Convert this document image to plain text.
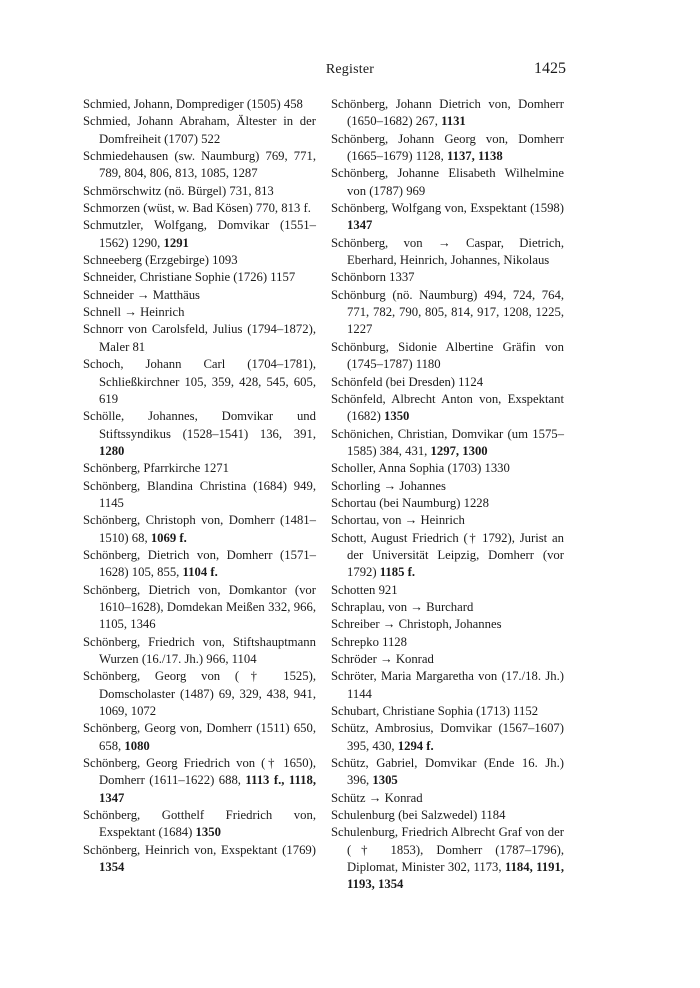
Register	1425

Schmied, Johann, Domprediger (1505) 458

Schmied, Johann Abraham, Ältester in der Domfreiheit (1707) 522

Schmiedehausen (sw. Naumburg) 769, 771, 789, 804, 806, 813, 1085, 1287

Schmörschwitz (nö. Bürgel) 731, 813

Schmorzen (wüst, w. Bad Kösen) 770, 813 f.

Schmutzler, Wolfgang, Domvikar (1551–1562) 1290, 1291

Schneeberg (Erzgebirge) 1093

Schneider, Christiane Sophie (1726) 1157

Schneider → Matthäus

Schnell → Heinrich

Schnorr von Carolsfeld, Julius (1794–1872), Maler 81

Schoch, Johann Carl (1704–1781), Schließkirchner 105, 359, 428, 545, 605, 619

Schölle, Johannes, Domvikar und Stiftssyndikus (1528–1541) 136, 391, 1280

Schönberg, Pfarrkirche 1271

Schönberg, Blandina Christina (1684) 949, 1145

Schönberg, Christoph von, Domherr (1481–1510) 68, 1069 f.

Schönberg, Dietrich von, Domherr (1571–1628) 105, 855, 1104 f.

Schönberg, Dietrich von, Domkantor (vor 1610–1628), Domdekan Meißen 332, 966, 1105, 1346

Schönberg, Friedrich von, Stiftshauptmann Wurzen (16./17. Jh.) 966, 1104

Schönberg, Georg von († 1525), Domscholaster (1487) 69, 329, 438, 941, 1069, 1072

Schönberg, Georg von, Domherr (1511) 650, 658, 1080

Schönberg, Georg Friedrich von († 1650), Domherr (1611–1622) 688, 1113 f., 1118, 1347

Schönberg, Gotthelf Friedrich von, Exspektant (1684) 1350

Schönberg, Heinrich von, Exspektant (1769) 1354

Schönberg, Johann Dietrich von, Domherr (1650–1682) 267, 1131

Schönberg, Johann Georg von, Domherr (1665–1679) 1128, 1137, 1138

Schönberg, Johanne Elisabeth Wilhelmine von (1787) 969

Schönberg, Wolfgang von, Exspektant (1598) 1347

Schönberg, von → Caspar, Dietrich, Eberhard, Heinrich, Johannes, Nikolaus

Schönborn 1337

Schönburg (nö. Naumburg) 494, 724, 764, 771, 782, 790, 805, 814, 917, 1208, 1225, 1227

Schönburg, Sidonie Albertine Gräfin von (1745–1787) 1180

Schönfeld (bei Dresden) 1124

Schönfeld, Albrecht Anton von, Exspektant (1682) 1350

Schönichen, Christian, Domvikar (um 1575–1585) 384, 431, 1297, 1300

Scholler, Anna Sophia (1703) 1330

Schorling → Johannes

Schortau (bei Naumburg) 1228

Schortau, von → Heinrich

Schott, August Friedrich († 1792), Jurist an der Universität Leipzig, Domherr (vor 1792) 1185 f.

Schotten 921

Schraplau, von → Burchard

Schreiber → Christoph, Johannes

Schrepko 1128

Schröder → Konrad

Schröter, Maria Margaretha von (17./18. Jh.) 1144

Schubart, Christiane Sophia (1713) 1152

Schütz, Ambrosius, Domvikar (1567–1607) 395, 430, 1294 f.

Schütz, Gabriel, Domvikar (Ende 16. Jh.) 396, 1305

Schütz → Konrad

Schulenburg (bei Salzwedel) 1184

Schulenburg, Friedrich Albrecht Graf von der († 1853), Domherr (1787–1796), Diplomat, Minister 302, 1173, 1184, 1191, 1193, 1354
